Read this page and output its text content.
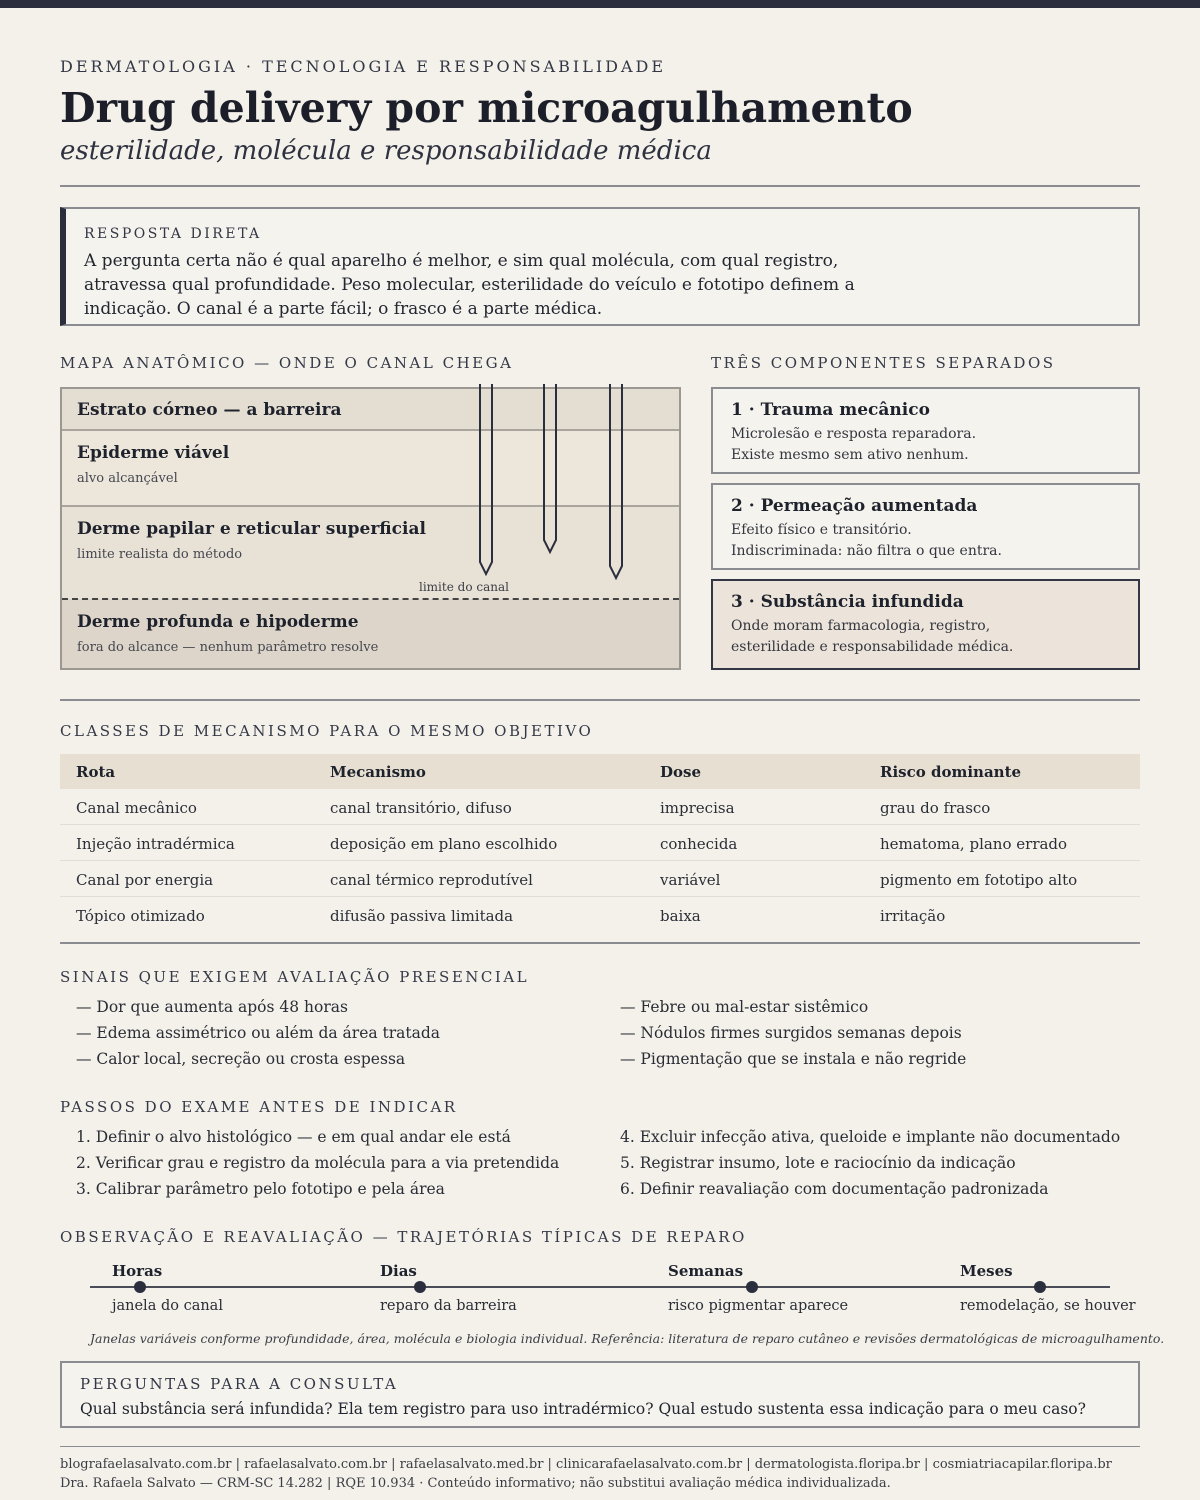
DERMATOLOGIA · TECNOLOGIA E RESPONSABILIDADE
Drug delivery por microagulhamento
esterilidade, molécula e responsabilidade médica
RESPOSTA DIRETA
A pergunta certa não é qual aparelho é melhor, e sim qual molécula, com qual registro, atravessa qual profundidade. Peso molecular, esterilidade do veículo e fototipo definem a indicação. O canal é a parte fácil; o frasco é a parte médica.
MAPA ANATÔMICO — ONDE O CANAL CHEGA	TRÊS COMPONENTES SEPARADOS
Estrato córneo — a barreira
Epiderme viável
alvo alcançável
Derme papilar e reticular superficial
limite realista do método
Derme profunda e hipoderme
fora do alcance — nenhum parâmetro resolve
limite do canal
1 · Trauma mecânico
Microlesão e resposta reparadora.
Existe mesmo sem ativo nenhum.
2 · Permeação aumentada
Efeito físico e transitório.
Indiscriminada: não filtra o que entra.
3 · Substância infundida
Onde moram farmacologia, registro,
esterilidade e responsabilidade médica.
CLASSES DE MECANISMO PARA O MESMO OBJETIVO
Rota	Mecanismo	Dose	Risco dominante
Canal mecânico	canal transitório, difuso	imprecisa	grau do frasco
Injeção intradérmica	deposição em plano escolhido	conhecida	hematoma, plano errado
Canal por energia	canal térmico reprodutível	variável	pigmento em fototipo alto
Tópico otimizado	difusão passiva limitada	baixa	irritação
SINAIS QUE EXIGEM AVALIAÇÃO PRESENCIAL
— Dor que aumenta após 48 horas
— Edema assimétrico ou além da área tratada
— Calor local, secreção ou crosta espessa
— Febre ou mal-estar sistêmico
— Nódulos firmes surgidos semanas depois
— Pigmentação que se instala e não regride
PASSOS DO EXAME ANTES DE INDICAR
1. Definir o alvo histológico — e em qual andar ele está
2. Verificar grau e registro da molécula para a via pretendida
3. Calibrar parâmetro pelo fototipo e pela área
4. Excluir infecção ativa, queloide e implante não documentado
5. Registrar insumo, lote e raciocínio da indicação
6. Definir reavaliação com documentação padronizada
OBSERVAÇÃO E REAVALIAÇÃO — TRAJETÓRIAS TÍPICAS DE REPARO
Horas	Dias	Semanas	Meses
janela do canal	reparo da barreira	risco pigmentar aparece	remodelação, se houver
Janelas variáveis conforme profundidade, área, molécula e biologia individual. Referência: literatura de reparo cutâneo e revisões dermatológicas de microagulhamento.
PERGUNTAS PARA A CONSULTA
Qual substância será infundida? Ela tem registro para uso intradérmico? Qual estudo sustenta essa indicação para o meu caso?
blografaelasalvato.com.br | rafaelasalvato.com.br | rafaelasalvato.med.br | clinicarafaelasalvato.com.br | dermatologista.floripa.br | cosmiatriacapilar.floripa.br
Dra. Rafaela Salvato — CRM-SC 14.282 | RQE 10.934 · Conteúdo informativo; não substitui avaliação médica individualizada.
